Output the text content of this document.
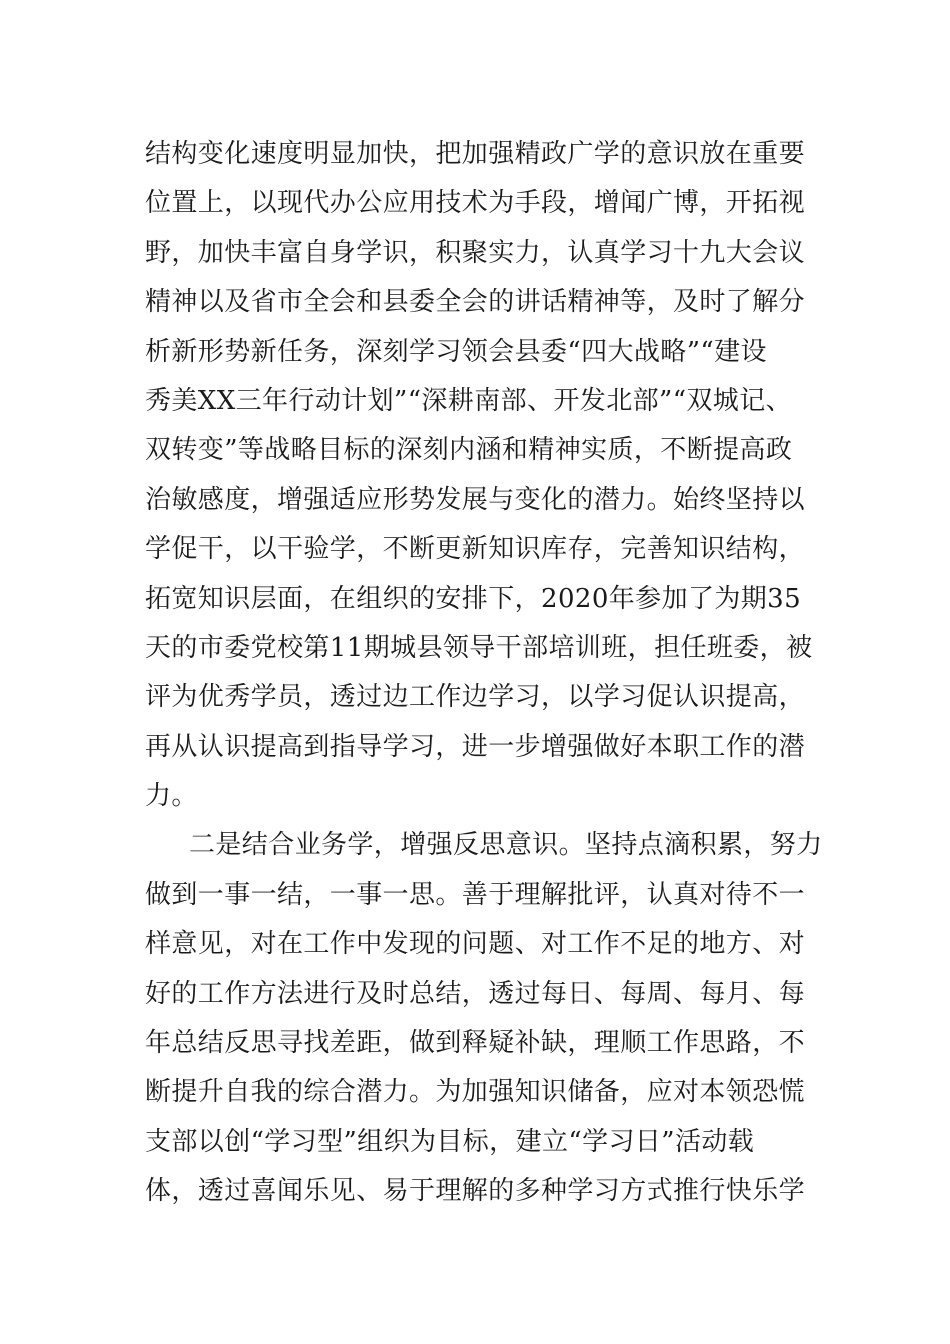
结构变化速度明显加快，把加强精政广学的意识放在重要
位置上，以现代办公应用技术为手段，增闻广博，开拓视
野，加快丰富自身学识，积聚实力，认真学习十九大会议
精神以及省市全会和县委全会的讲话精神等，及时了解分
析新形势新任务，深刻学习领会县委“四大战略”“建设
秀美XX三年行动计划”“深耕南部、开发北部”“双城记、
双转变”等战略目标的深刻内涵和精神实质，不断提高政
治敏感度，增强适应形势发展与变化的潜力。始终坚持以
学促干，以干验学，不断更新知识库存，完善知识结构，
拓宽知识层面，在组织的安排下，2020年参加了为期35
天的市委党校第11期城县领导干部培训班，担任班委，被
评为优秀学员，透过边工作边学习，以学习促认识提高，
再从认识提高到指导学习，进一步增强做好本职工作的潜
力。
二是结合业务学，增强反思意识。坚持点滴积累，努力
做到一事一结，一事一思。善于理解批评，认真对待不一
样意见，对在工作中发现的问题、对工作不足的地方、对
好的工作方法进行及时总结，透过每日、每周、每月、每
年总结反思寻找差距，做到释疑补缺，理顺工作思路，不
断提升自我的综合潜力。为加强知识储备，应对本领恐慌
支部以创“学习型”组织为目标，建立“学习日”活动载
体，透过喜闻乐见、易于理解的多种学习方式推行快乐学
